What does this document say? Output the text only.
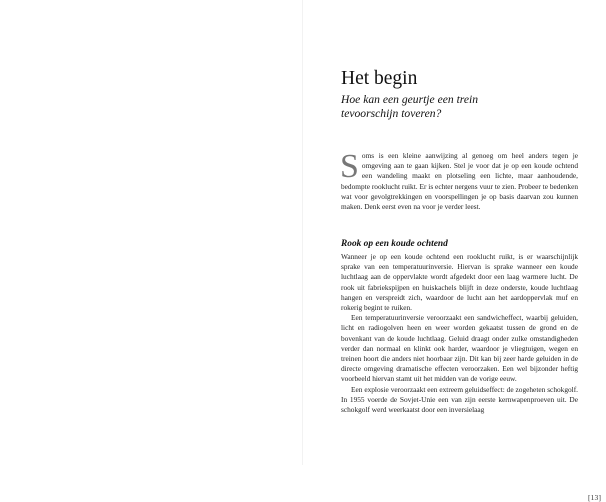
Het begin
Hoe kan een geurtje een trein
tevoorschijn toveren?

Soms is een kleine aanwijzing al genoeg om heel anders tegen je omgeving aan te gaan kijken. Stel je voor dat je op een koude ochtend een wandeling maakt en plotseling een lichte, maar aanhoudende, bedompte rooklucht ruikt. Er is echter nergens vuur te zien. Probeer te bedenken wat voor gevolgtrekkingen en voorspellingen je op basis daarvan zou kunnen maken. Denk eerst even na voor je verder leest.

Rook op een koude ochtend

Wanneer je op een koude ochtend een rooklucht ruikt, is er waarschijnlijk sprake van een temperatuurinversie. Hiervan is sprake wanneer een koude luchtlaag aan de oppervlakte wordt afgedekt door een laag warmere lucht. De rook uit fabriekspijpen en huiskachels blijft in deze onderste, koude luchtlaag hangen en verspreidt zich, waardoor de lucht aan het aardoppervlak muf en rokerig begint te ruiken.

Een temperatuurinversie veroorzaakt een sandwicheffect, waarbij geluiden, licht en radiogolven heen en weer worden gekaatst tussen de grond en de bovenkant van de koude luchtlaag. Geluid draagt onder zulke omstandigheden verder dan normaal en klinkt ook harder, waardoor je vliegtuigen, wegen en treinen hoort die anders niet hoorbaar zijn. Dit kan bij zeer harde geluiden in de directe omgeving dramatische effecten veroorzaken. Een wel bijzonder heftig voorbeeld hiervan stamt uit het midden van de vorige eeuw.

Een explosie veroorzaakt een extreem geluidseffect: de zogeheten schokgolf. In 1955 voerde de Sovjet-Unie een van zijn eerste kernwapenproeven uit. De schokgolf werd weerkaatst door een inversielaag

[13]
